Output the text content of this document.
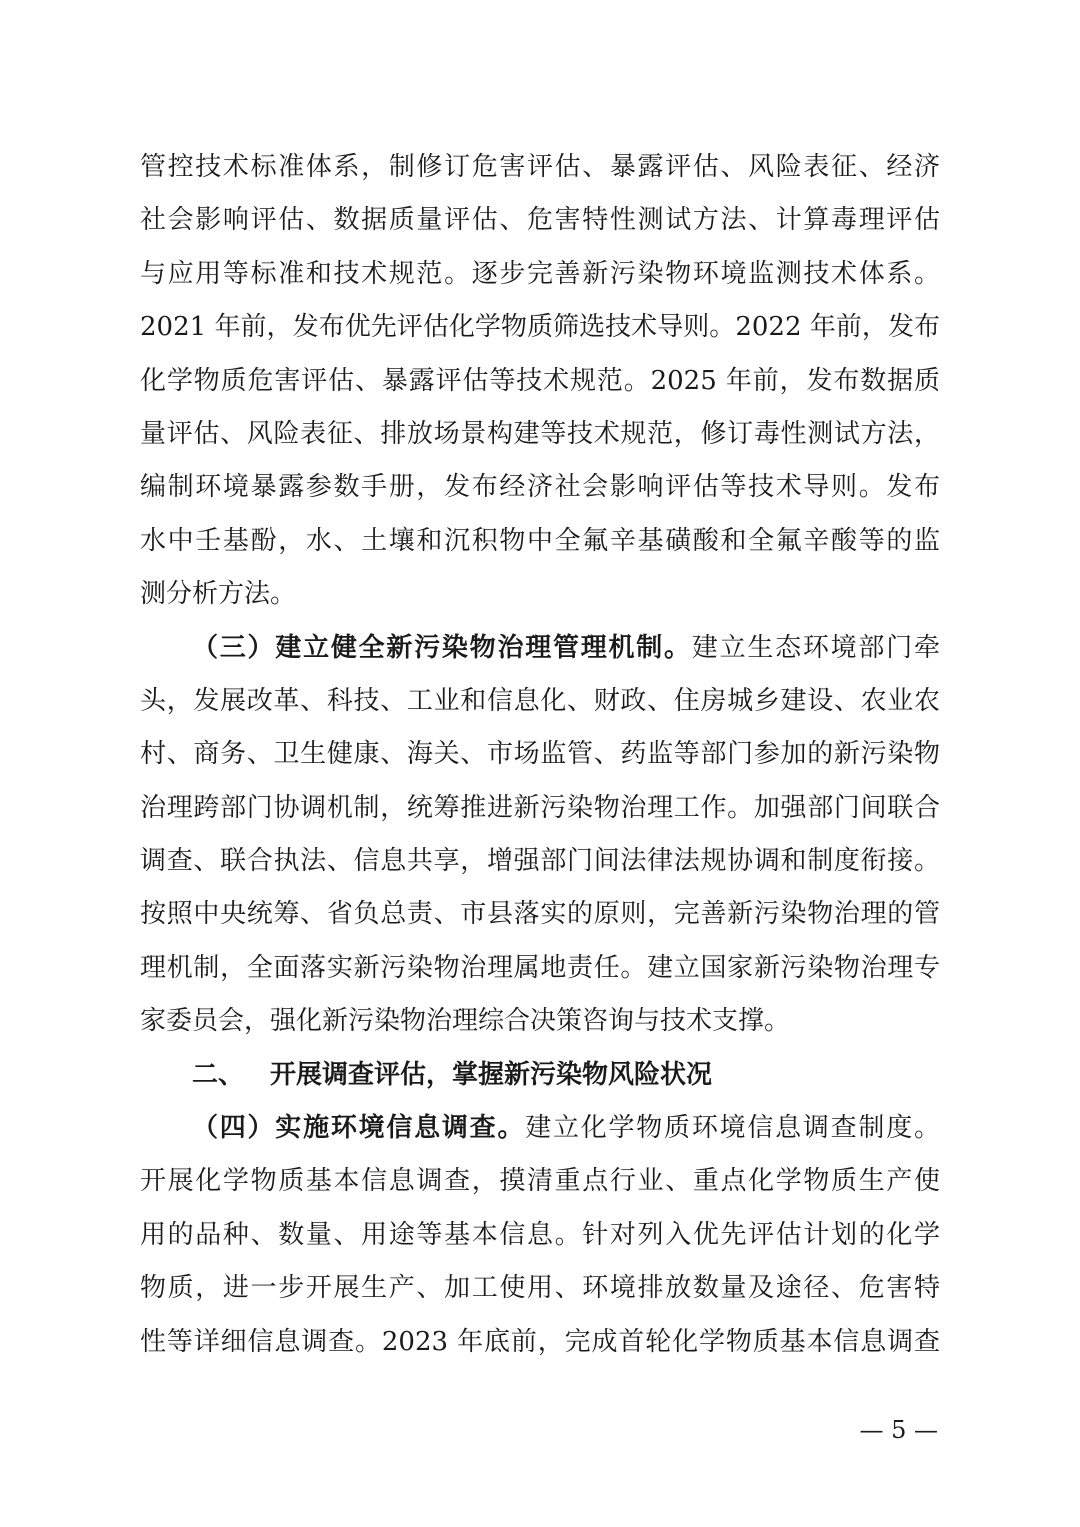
管控技术标准体系，制修订危害评估、暴露评估、风险表征、经济
社会影响评估、数据质量评估、危害特性测试方法、计算毒理评估
与应用等标准和技术规范。逐步完善新污染物环境监测技术体系。
2021 年前，发布优先评估化学物质筛选技术导则。2022 年前，发布
化学物质危害评估、暴露评估等技术规范。2025 年前，发布数据质
量评估、风险表征、排放场景构建等技术规范，修订毒性测试方法，
编制环境暴露参数手册，发布经济社会影响评估等技术导则。发布
水中壬基酚，水、土壤和沉积物中全氟辛基磺酸和全氟辛酸等的监
测分析方法。
（三）建立健全新污染物治理管理机制。建立生态环境部门牵
头，发展改革、科技、工业和信息化、财政、住房城乡建设、农业农
村、商务、卫生健康、海关、市场监管、药监等部门参加的新污染物
治理跨部门协调机制，统筹推进新污染物治理工作。加强部门间联合
调查、联合执法、信息共享，增强部门间法律法规协调和制度衔接。
按照中央统筹、省负总责、市县落实的原则，完善新污染物治理的管
理机制，全面落实新污染物治理属地责任。建立国家新污染物治理专
家委员会，强化新污染物治理综合决策咨询与技术支撑。
二、 开展调查评估，掌握新污染物风险状况
（四）实施环境信息调查。建立化学物质环境信息调查制度。
开展化学物质基本信息调查，摸清重点行业、重点化学物质生产使
用的品种、数量、用途等基本信息。针对列入优先评估计划的化学
物质，进一步开展生产、加工使用、环境排放数量及途径、危害特
性等详细信息调查。2023 年底前，完成首轮化学物质基本信息调查
— 5 —
